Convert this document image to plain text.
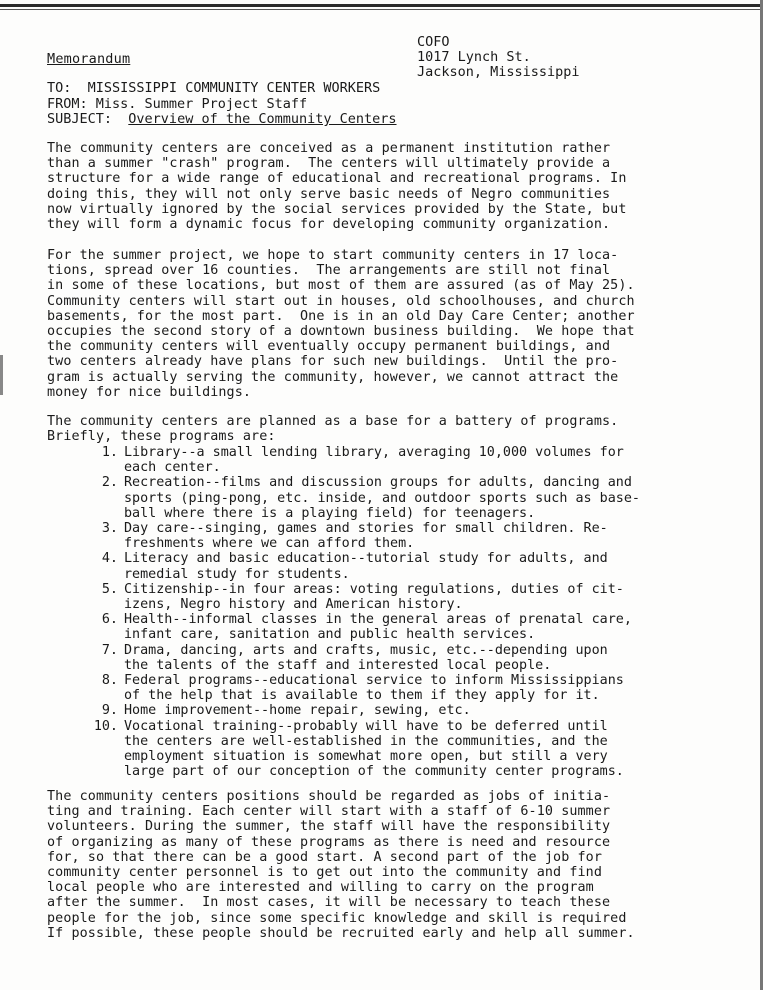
Memorandum
COFO
1017 Lynch St.
Jackson, Mississippi
TO: MISSISSIPPI COMMUNITY CENTER WORKERS
FROM: Miss. Summer Project Staff
SUBJECT: Overview of the Community Centers
The community centers are conceived as a permanent institution rather
than a summer "crash" program.  The centers will ultimately provide a
structure for a wide range of educational and recreational programs. In
doing this, they will not only serve basic needs of Negro communities
now virtually ignored by the social services provided by the State, but
they will form a dynamic focus for developing community organization.
For the summer project, we hope to start community centers in 17 loca-
tions, spread over 16 counties.  The arrangements are still not final
in some of these locations, but most of them are assured (as of May 25).
Community centers will start out in houses, old schoolhouses, and church
basements, for the most part.  One is in an old Day Care Center; another
occupies the second story of a downtown business building.  We hope that
the community centers will eventually occupy permanent buildings, and
two centers already have plans for such new buildings.  Until the pro-
gram is actually serving the community, however, we cannot attract the
money for nice buildings.
The community centers are planned as a base for a battery of programs.
Briefly, these programs are:
1. Library--a small lending library, averaging 10,000 volumes for
each center.
2. Recreation--films and discussion groups for adults, dancing and
sports (ping-pong, etc. inside, and outdoor sports such as base-
ball where there is a playing field) for teenagers.
3. Day care--singing, games and stories for small children. Re-
freshments where we can afford them.
4. Literacy and basic education--tutorial study for adults, and
remedial study for students.
5. Citizenship--in four areas: voting regulations, duties of cit-
izens, Negro history and American history.
6. Health--informal classes in the general areas of prenatal care,
infant care, sanitation and public health services.
7. Drama, dancing, arts and crafts, music, etc.--depending upon
the talents of the staff and interested local people.
8. Federal programs--educational service to inform Mississippians
of the help that is available to them if they apply for it.
9. Home improvement--home repair, sewing, etc.
10. Vocational training--probably will have to be deferred until
the centers are well-established in the communities, and the
employment situation is somewhat more open, but still a very
large part of our conception of the community center programs.
The community centers positions should be regarded as jobs of initia-
ting and training. Each center will start with a staff of 6-10 summer
volunteers. During the summer, the staff will have the responsibility
of organizing as many of these programs as there is need and resource
for, so that there can be a good start. A second part of the job for
community center personnel is to get out into the community and find
local people who are interested and willing to carry on the program
after the summer.  In most cases, it will be necessary to teach these
people for the job, since some specific knowledge and skill is required
If possible, these people should be recruited early and help all summer.
